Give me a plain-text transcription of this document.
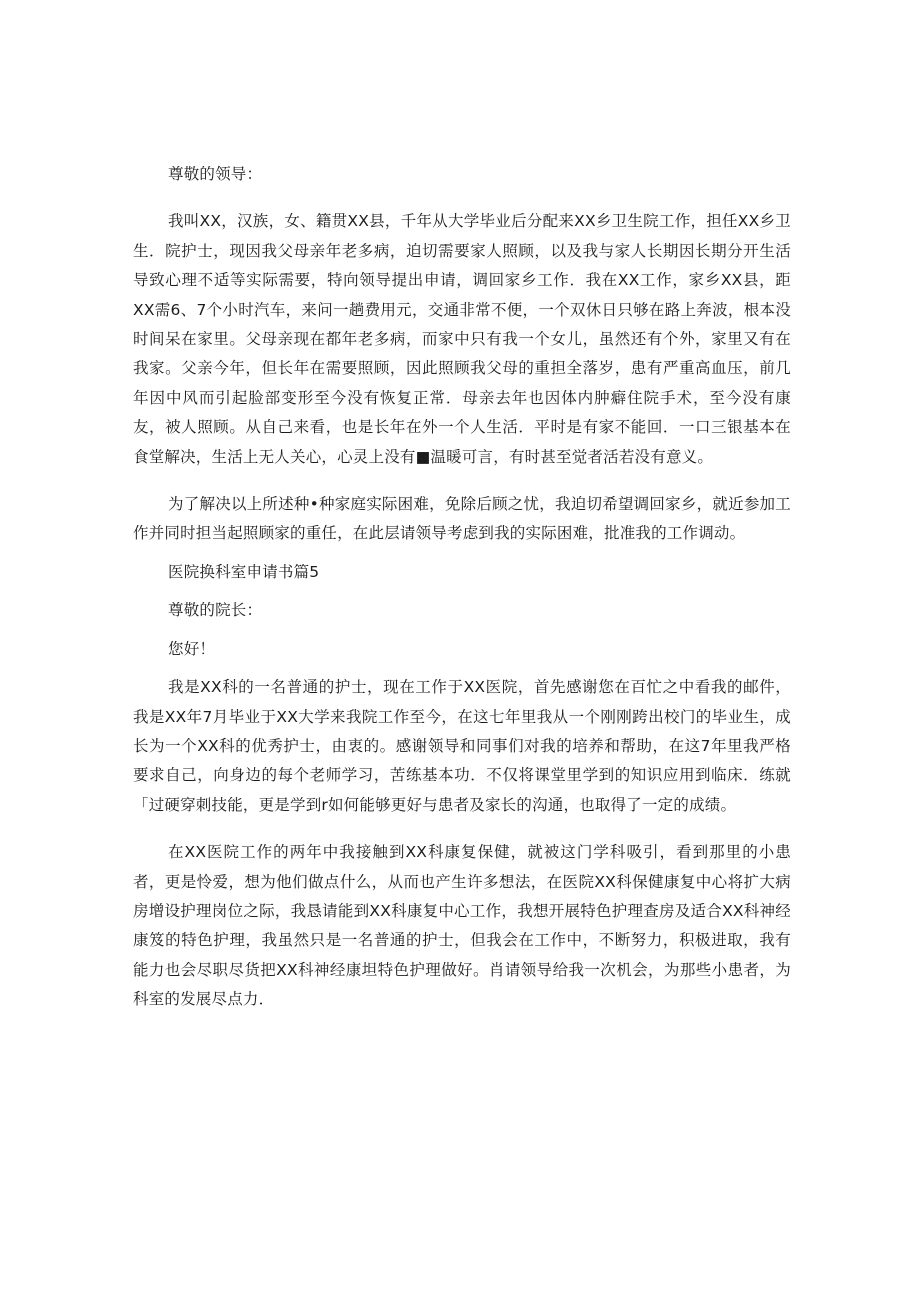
尊敬的领导：

我叫XX，汉族，女、籍贯XX县，千年从大学毕业后分配来XX乡卫生院工作，担任XX乡卫生．院护士，现因我父母亲年老多病，迫切需要家人照顾，以及我与家人长期因长期分开生活导致心理不适等实际需要，特向领导提出申请，调回家乡工作．我在XX工作，家乡XX县，距XX需6、7个小时汽车，来问一趟费用元，交通非常不便，一个双休日只够在路上奔波，根本没时间呆在家里。父母亲现在都年老多病，而家中只有我一个女儿，虽然还有个外，家里又有在我家。父亲今年，但长年在需要照顾，因此照顾我父母的重担全落岁，患有严重高血压，前几年因中风而引起脸部变形至今没有恢复正常．母亲去年也因体内肿癖住院手术，至今没有康友，被人照顾。从自己来看，也是长年在外一个人生活．平时是有家不能回．一口三银基本在食堂解决，生活上无人关心，心灵上没有■温暖可言，有时甚至觉者活若没有意义。

为了解决以上所述种•种家庭实际困难，免除后顾之忧，我迫切希望调回家乡，就近参加工作并同时担当起照顾家的重任，在此层请领导考虑到我的实际困难，批准我的工作调动。

医院换科室申请书篇5

尊敬的院长：

您好！

我是XX科的一名普通的护士，现在工作于XX医院，首先感谢您在百忙之中看我的邮件，我是XX年7月毕业于XX大学来我院工作至今，在这七年里我从一个刚刚跨出校门的毕业生，成长为一个XX科的优秀护士，由衷的。感谢领导和同事们对我的培养和帮助，在这7年里我严格要求自己，向身边的每个老师学习，苦练基本功．不仅将课堂里学到的知识应用到临床．练就「过硬穿刺技能，更是学到r如何能够更好与患者及家长的沟通，也取得了一定的成绩。

在XX医院工作的两年中我接触到XX科康复保健，就被这门学科吸引，看到那里的小患者，更是怜爱，想为他们做点什么，从而也产生许多想法，在医院XX科保健康复中心将扩大病房增设护理岗位之际，我恳请能到XX科康复中心工作，我想开展特色护理查房及适合XX科神经康笈的特色护理，我虽然只是一名普通的护士，但我会在工作中，不断努力，积极进取，我有能力也会尽职尽货把XX科神经康坦特色护理做好。肖请领导给我一次机会，为那些小患者，为科室的发展尽点力．
